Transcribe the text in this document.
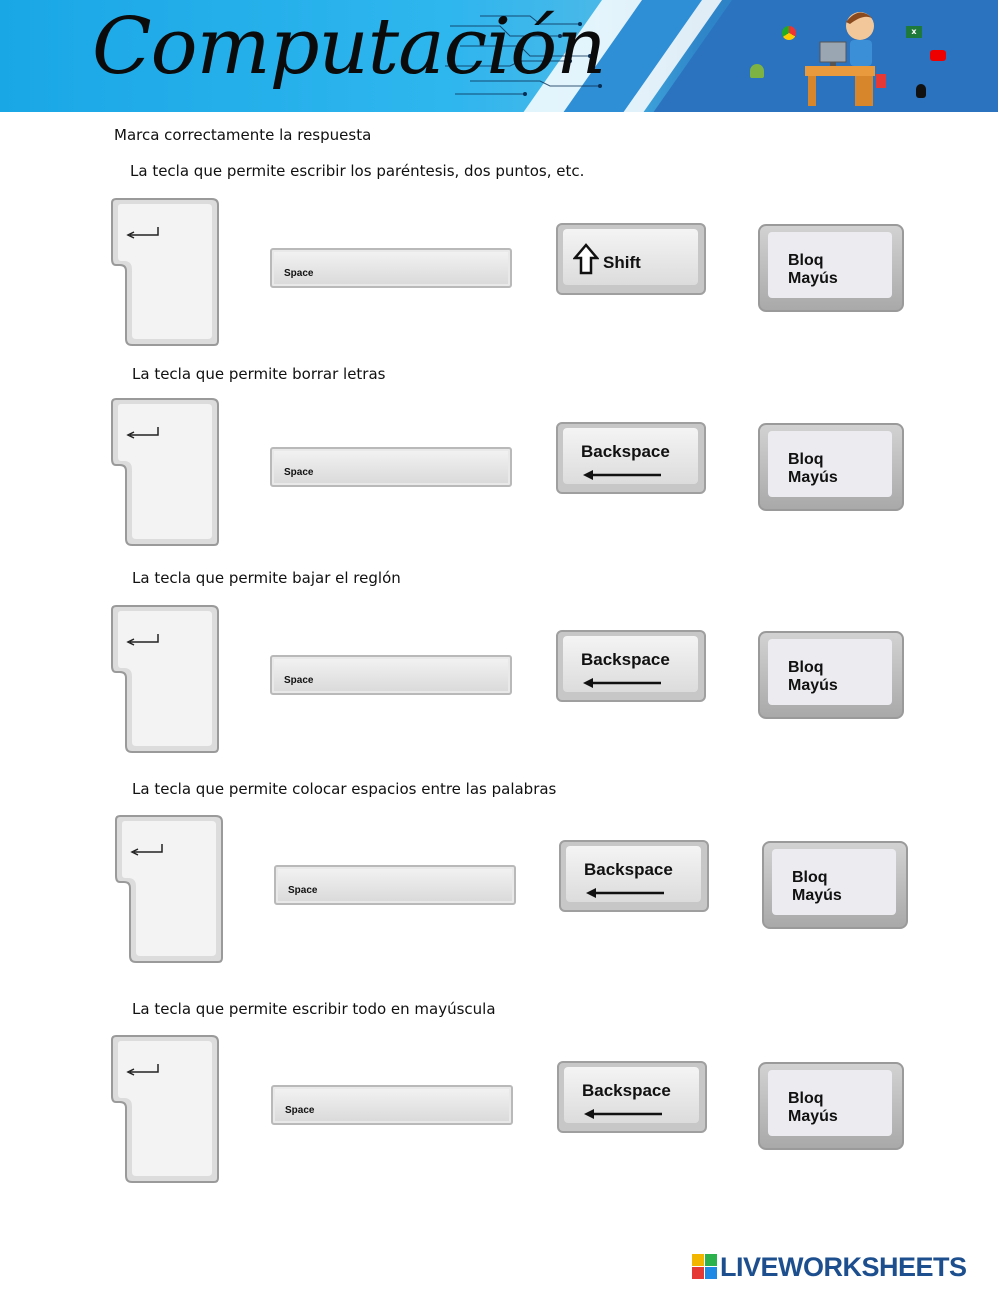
Computación	x
Marca correctamente la respuesta
La tecla que permite escribir los paréntesis, dos puntos, etc.
Space
Shift	Bloq
Mayús
La tecla que permite borrar letras
Space
Backspace	Bloq
Mayús
La tecla que permite bajar el reglón
Space
Backspace	Bloq
Mayús
La tecla que permite colocar espacios entre las palabras
Space
Backspace	Bloq
Mayús
La tecla que permite escribir todo en mayúscula
Space
Backspace	Bloq
Mayús
LIVEWORKSHEETS
